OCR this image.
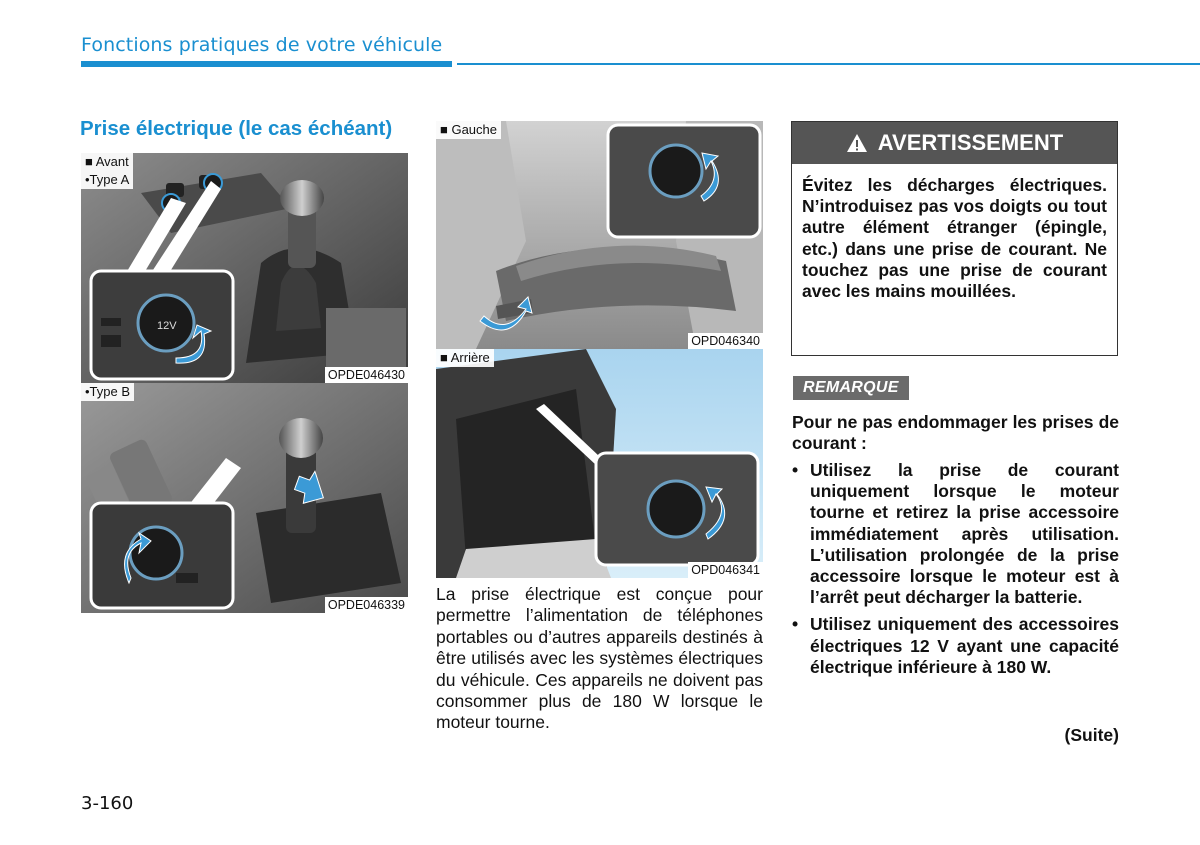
Fonctions pratiques de votre véhicule
Prise électrique (le cas échéant)
12V
■ Avant
•Type A
OPDE046430
•Type B
OPDE046339
■ Gauche
OPD046340
■ Arrière
OPD046341
La prise électrique est conçue pour permettre l’alimentation de téléphones portables ou d’autres appareils destinés à être utilisés avec les systèmes électriques du véhicule. Ces appareils ne doivent pas consommer plus de 180 W lorsque le moteur tourne.
AVERTISSEMENT
Évitez les décharges électriques. N’introduisez pas vos doigts ou tout autre élément étranger (épingle, etc.) dans une prise de courant. Ne touchez pas une prise de courant avec les mains mouillées.
REMARQUE
Pour ne pas endommager les prises de courant :
• Utilisez la prise de courant uniquement lorsque le moteur tourne et retirez la prise accessoire immédiatement après utilisation. L’utilisation prolongée de la prise accessoire lorsque le moteur est à l’arrêt peut décharger la batterie.
• Utilisez uniquement des accessoires électriques 12 V ayant une capacité électrique inférieure à 180 W.
(Suite)
3-160
